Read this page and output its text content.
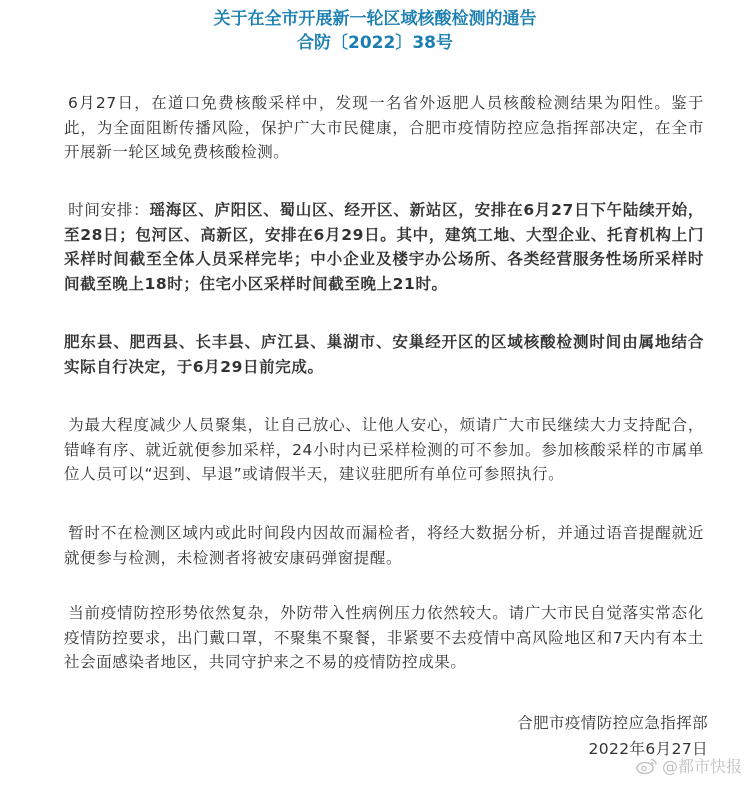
关于在全市开展新一轮区域核酸检测的通告
合防〔2022〕38号

6月27日，在道口免费核酸采样中，发现一名省外返肥人员核酸检测结果为阳性。鉴于此，为全面阻断传播风险，保护广大市民健康，合肥市疫情防控应急指挥部决定，在全市开展新一轮区域免费核酸检测。

时间安排：瑶海区、庐阳区、蜀山区、经开区、新站区，安排在6月27日下午陆续开始，至28日；包河区、高新区，安排在6月29日。其中，建筑工地、大型企业、托育机构上门采样时间截至全体人员采样完毕；中小企业及楼宇办公场所、各类经营服务性场所采样时间截至晚上18时；住宅小区采样时间截至晚上21时。

肥东县、肥西县、长丰县、庐江县、巢湖市、安巢经开区的区域核酸检测时间由属地结合实际自行决定，于6月29日前完成。

为最大程度减少人员聚集，让自己放心、让他人安心，烦请广大市民继续大力支持配合，错峰有序、就近就便参加采样，24小时内已采样检测的可不参加。参加核酸采样的市属单位人员可以“迟到、早退”或请假半天，建议驻肥所有单位可参照执行。

暂时不在检测区域内或此时间段内因故而漏检者，将经大数据分析，并通过语音提醒就近就便参与检测，未检测者将被安康码弹窗提醒。

当前疫情防控形势依然复杂，外防带入性病例压力依然较大。请广大市民自觉落实常态化疫情防控要求，出门戴口罩，不聚集不聚餐，非紧要不去疫情中高风险地区和7天内有本土社会面感染者地区，共同守护来之不易的疫情防控成果。

合肥市疫情防控应急指挥部
2022年6月27日
@都市快报
